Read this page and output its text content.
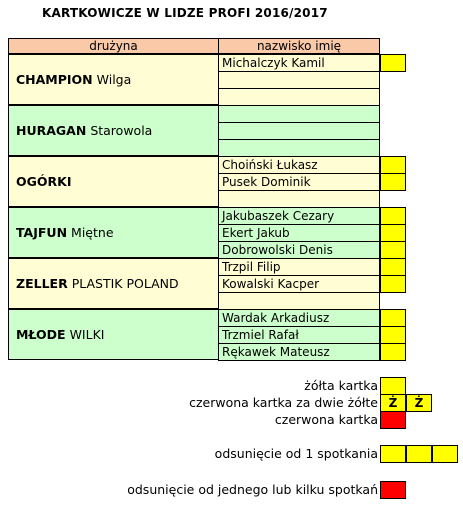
KARTKOWICZE W LIDZE PROFI 2016/2017
drużyna	nazwisko imię
CHAMPION Wilga
Michalczyk Kamil
HURAGAN Starowola
OGÓRKI
Choiński Łukasz
Pusek Dominik
TAJFUN Miętne
Jakubaszek Cezary
Ekert Jakub
Dobrowolski Denis
ZELLER PLASTIK POLAND
Trzpil Filip
Kowalski Kacper
MŁODE WILKI
Wardak Arkadiusz
Trzmiel Rafał
Rękawek Mateusz
żółta kartka
czerwona kartka za dwie żółte Ż	Ż
czerwona kartka
odsunięcie od 1 spotkania
odsunięcie od jednego lub kilku spotkań
